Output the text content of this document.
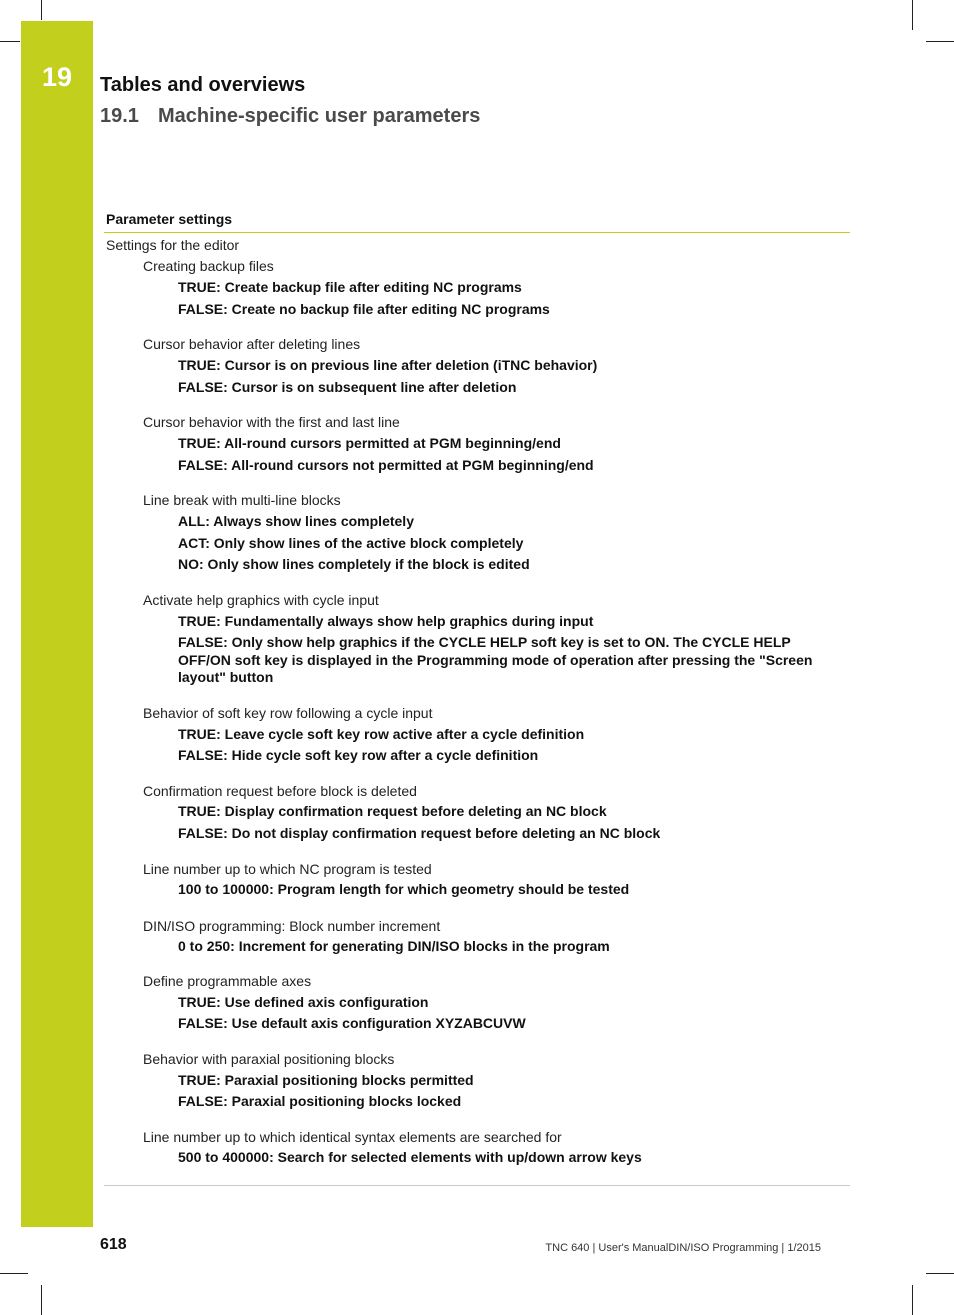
19	Tables and overviews
19.1 Machine-specific user parameters
Parameter settings
Settings for the editor
Creating backup files
TRUE: Create backup file after editing NC programs
FALSE: Create no backup file after editing NC programs
Cursor behavior after deleting lines
TRUE: Cursor is on previous line after deletion (iTNC behavior)
FALSE: Cursor is on subsequent line after deletion
Cursor behavior with the first and last line
TRUE: All-round cursors permitted at PGM beginning/end
FALSE: All-round cursors not permitted at PGM beginning/end
Line break with multi-line blocks
ALL: Always show lines completely
ACT: Only show lines of the active block completely
NO: Only show lines completely if the block is edited
Activate help graphics with cycle input
TRUE: Fundamentally always show help graphics during input
FALSE: Only show help graphics if the CYCLE HELP soft key is set to ON. The CYCLE HELP OFF/ON soft key is displayed in the Programming mode of operation after pressing the "Screen layout" button
Behavior of soft key row following a cycle input
TRUE: Leave cycle soft key row active after a cycle definition
FALSE: Hide cycle soft key row after a cycle definition
Confirmation request before block is deleted
TRUE: Display confirmation request before deleting an NC block
FALSE: Do not display confirmation request before deleting an NC block
Line number up to which NC program is tested
100 to 100000: Program length for which geometry should be tested
DIN/ISO programming: Block number increment
0 to 250: Increment for generating DIN/ISO blocks in the program
Define programmable axes
TRUE: Use defined axis configuration
FALSE: Use default axis configuration XYZABCUVW
Behavior with paraxial positioning blocks
TRUE: Paraxial positioning blocks permitted
FALSE: Paraxial positioning blocks locked
Line number up to which identical syntax elements are searched for
500 to 400000: Search for selected elements with up/down arrow keys
618	TNC 640 | User's ManualDIN/ISO Programming | 1/2015
